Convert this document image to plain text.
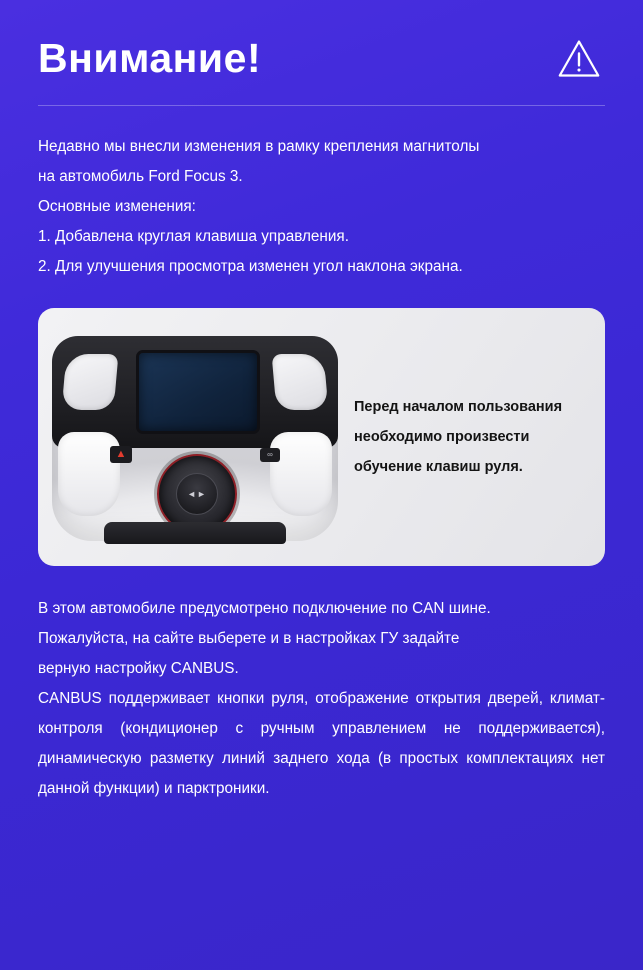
Внимание!

Недавно мы внесли изменения в рамку крепления магнитолы

на автомобиль Ford Focus 3.

Основные изменения:

1. Добавлена круглая клавиша управления.

2. Для улучшения просмотра изменен угол наклона экрана.

▲	∞
◄►

Перед началом пользования

необходимо произвести

обучение клавиш руля.

В этом автомобиле предусмотрено подключение по CAN шине.

Пожалуйста, на сайте выберете и в настройках ГУ задайте

верную настройку CANBUS.

CANBUS поддерживает кнопки руля, отображение открытия дверей, климат-контроля (кондиционер с ручным управлением не поддерживается), динамическую разметку линий заднего хода (в простых комплектациях нет данной функции) и парктроники.
